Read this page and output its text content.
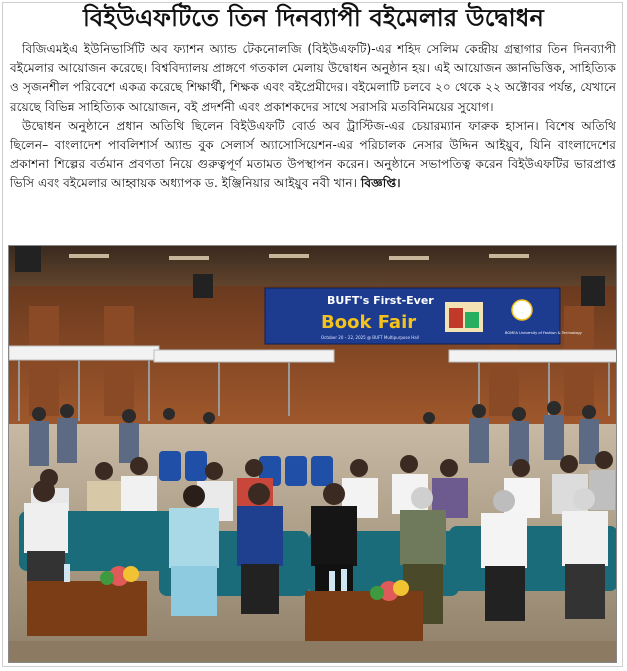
বিইউএফটিতে তিন দিনব্যাপী বইমেলার উদ্বোধন

বিজিএমইএ ইউনিভার্সিটি অব ফ্যাশন অ্যান্ড টেকনোলজি (বিইউএফটি)-এর শহিদ সেলিম কেন্দ্রীয় গ্রন্থাগার তিন দিনব্যাপী বইমেলার আয়োজন করেছে। বিশ্ববিদ্যালয় প্রাঙ্গণে গতকাল মেলায় উদ্বোধন অনুষ্ঠান হয়। এই আয়োজন জ্ঞানভিত্তিক, সাহিত্যিক ও সৃজনশীল পরিবেশে একত্র করেছে শিক্ষার্থী, শিক্ষক এবং বইপ্রেমীদের। বইমেলাটি চলবে ২০ থেকে ২২ অক্টোবর পর্যন্ত, যেখানে রয়েছে বিভিন্ন সাহিত্যিক আয়োজন, বই প্রদর্শনী এবং প্রকাশকদের সাথে সরাসরি মতবিনিময়ের সুযোগ।

উদ্বোধন অনুষ্ঠানে প্রধান অতিথি ছিলেন বিইউএফটি বোর্ড অব ট্রাস্টিজ-এর চেয়ারম্যান ফারুক হাসান। বিশেষ অতিথি ছিলেন– বাংলাদেশ পাবলিশার্স অ্যান্ড বুক সেলার্স অ্যাসোসিয়েশন-এর পরিচালক নেসার উদ্দিন আইয়ুব, যিনি বাংলাদেশের প্রকাশনা শিল্পের বর্তমান প্রবণতা নিয়ে গুরুত্বপূর্ণ মতামত উপস্থাপন করেন। অনুষ্ঠানে সভাপতিত্ব করেন বিইউএফটির ভারপ্রাপ্ত ভিসি এবং বইমেলার আহ্বায়ক অধ্যাপক ড. ইঞ্জিনিয়ার আইয়ুব নবী খান। বিজ্ঞপ্তি।

BUFT's First-Ever
Book Fair
October 20 – 22, 2025 @ BUFT Multipurpose Hall
BGMEA University of Fashion & Technology
